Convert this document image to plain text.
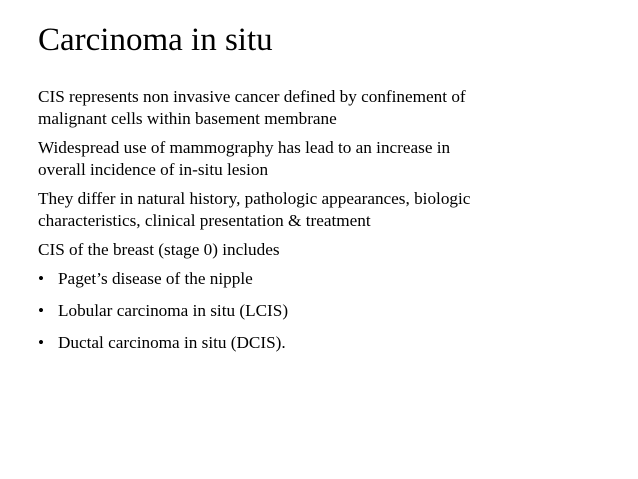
Carcinoma in situ
CIS represents non invasive cancer defined by confinement of
malignant cells within basement membrane
Widespread use of mammography has lead to an increase in
overall incidence of in-situ lesion
They differ in natural history, pathologic appearances, biologic
characteristics, clinical presentation & treatment
CIS of the breast (stage 0) includes
• Paget’s disease of the nipple
• Lobular carcinoma in situ (LCIS)
• Ductal carcinoma in situ (DCIS).
